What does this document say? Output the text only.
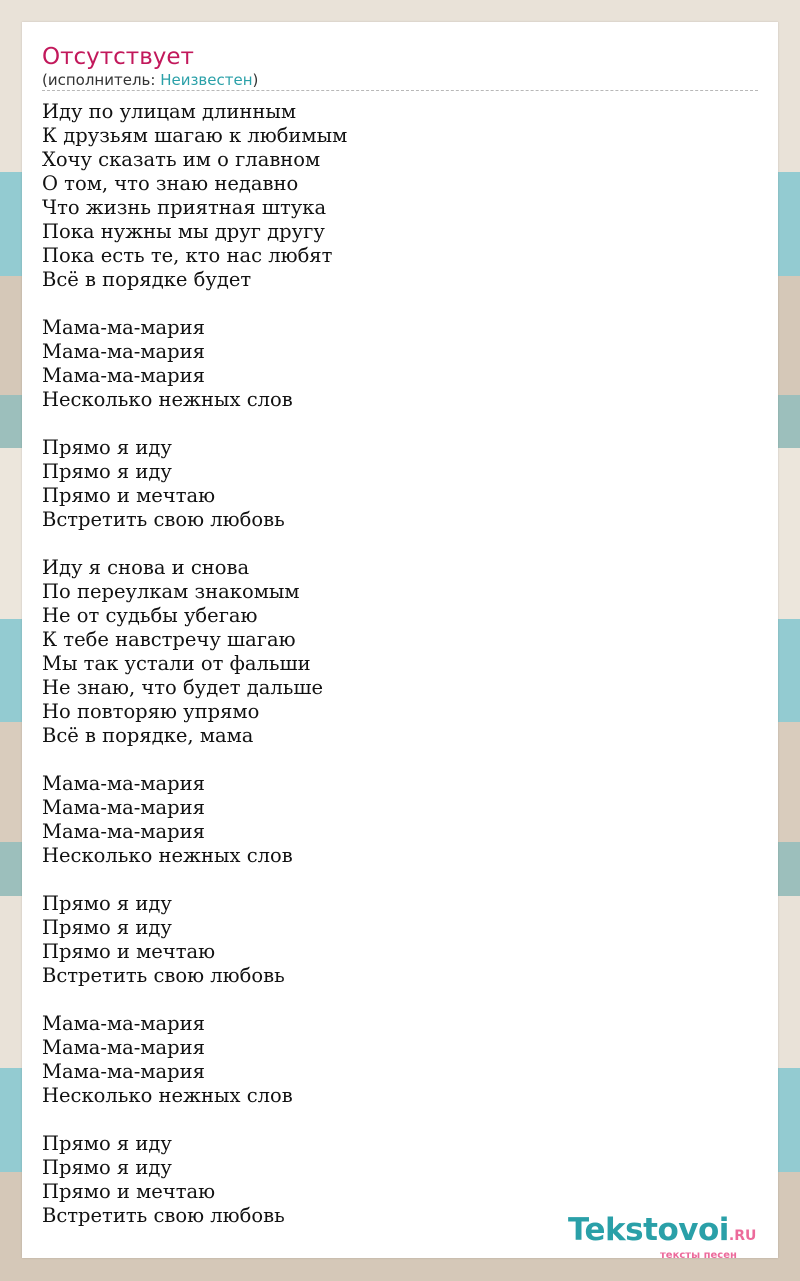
Отсутствует
(исполнитель: Неизвестен)
Иду по улицам длинным
К друзьям шагаю к любимым
Хочу сказать им о главном
О том, что знаю недавно
Что жизнь приятная штука
Пока нужны мы друг другу
Пока есть те, кто нас любят
Всё в порядке будет
Мама-ма-мария
Мама-ма-мария
Мама-ма-мария
Несколько нежных слов
Прямо я иду
Прямо я иду
Прямо и мечтаю
Встретить свою любовь
Иду я снова и снова
По переулкам знакомым
Не от судьбы убегаю
К тебе навстречу шагаю
Мы так устали от фальши
Не знаю, что будет дальше
Но повторяю упрямо
Всё в порядке, мама
Мама-ма-мария
Мама-ма-мария
Мама-ма-мария
Несколько нежных слов
Прямо я иду
Прямо я иду
Прямо и мечтаю
Встретить свою любовь
Мама-ма-мария
Мама-ма-мария
Мама-ма-мария
Несколько нежных слов
Прямо я иду
Прямо я иду
Прямо и мечтаю
Встретить свою любовь	Tekstovoi.RU
тексты песен
